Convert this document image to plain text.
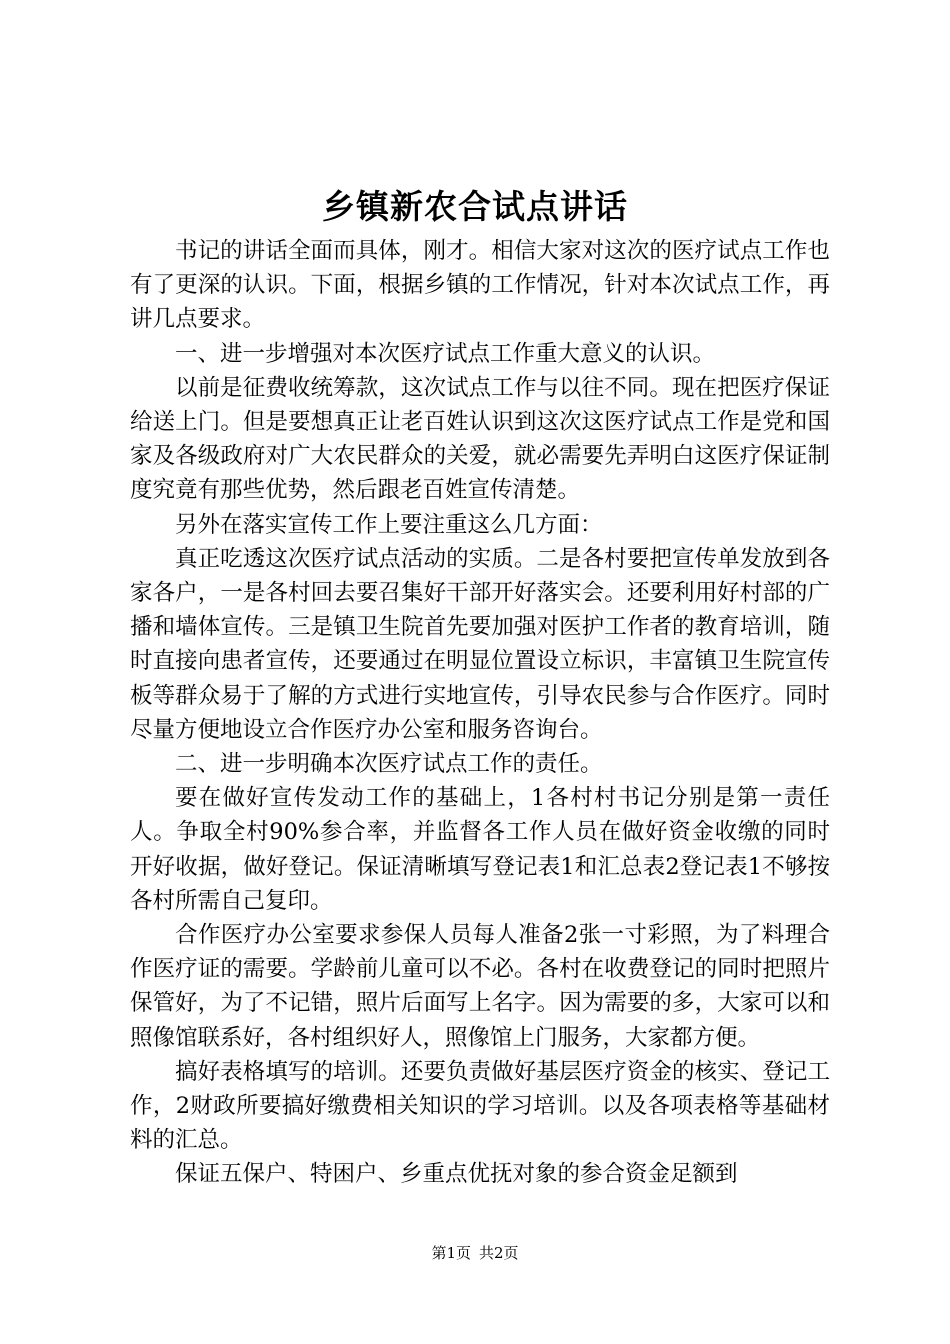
乡镇新农合试点讲话

书记的讲话全面而具体，刚才。相信大家对这次的医疗试点工作也有了更深的认识。下面，根据乡镇的工作情况，针对本次试点工作，再讲几点要求。

一、进一步增强对本次医疗试点工作重大意义的认识。

以前是征费收统筹款，这次试点工作与以往不同。现在把医疗保证给送上门。但是要想真正让老百姓认识到这次这医疗试点工作是党和国家及各级政府对广大农民群众的关爱，就必需要先弄明白这医疗保证制度究竟有那些优势，然后跟老百姓宣传清楚。

另外在落实宣传工作上要注重这么几方面：

真正吃透这次医疗试点活动的实质。二是各村要把宣传单发放到各家各户，一是各村回去要召集好干部开好落实会。还要利用好村部的广播和墙体宣传。三是镇卫生院首先要加强对医护工作者的教育培训，随时直接向患者宣传，还要通过在明显位置设立标识，丰富镇卫生院宣传板等群众易于了解的方式进行实地宣传，引导农民参与合作医疗。同时尽量方便地设立合作医疗办公室和服务咨询台。

二、进一步明确本次医疗试点工作的责任。

要在做好宣传发动工作的基础上，1各村村书记分别是第一责任人。争取全村90%参合率，并监督各工作人员在做好资金收缴的同时开好收据，做好登记。保证清晰填写登记表1和汇总表2登记表1不够按各村所需自己复印。

合作医疗办公室要求参保人员每人准备2张一寸彩照，为了料理合作医疗证的需要。学龄前儿童可以不必。各村在收费登记的同时把照片保管好，为了不记错，照片后面写上名字。因为需要的多，大家可以和照像馆联系好，各村组织好人，照像馆上门服务，大家都方便。

搞好表格填写的培训。还要负责做好基层医疗资金的核实、登记工作，2财政所要搞好缴费相关知识的学习培训。以及各项表格等基础材料的汇总。

保证五保户、特困户、乡重点优抚对象的参合资金足额到

第1页 共2页
